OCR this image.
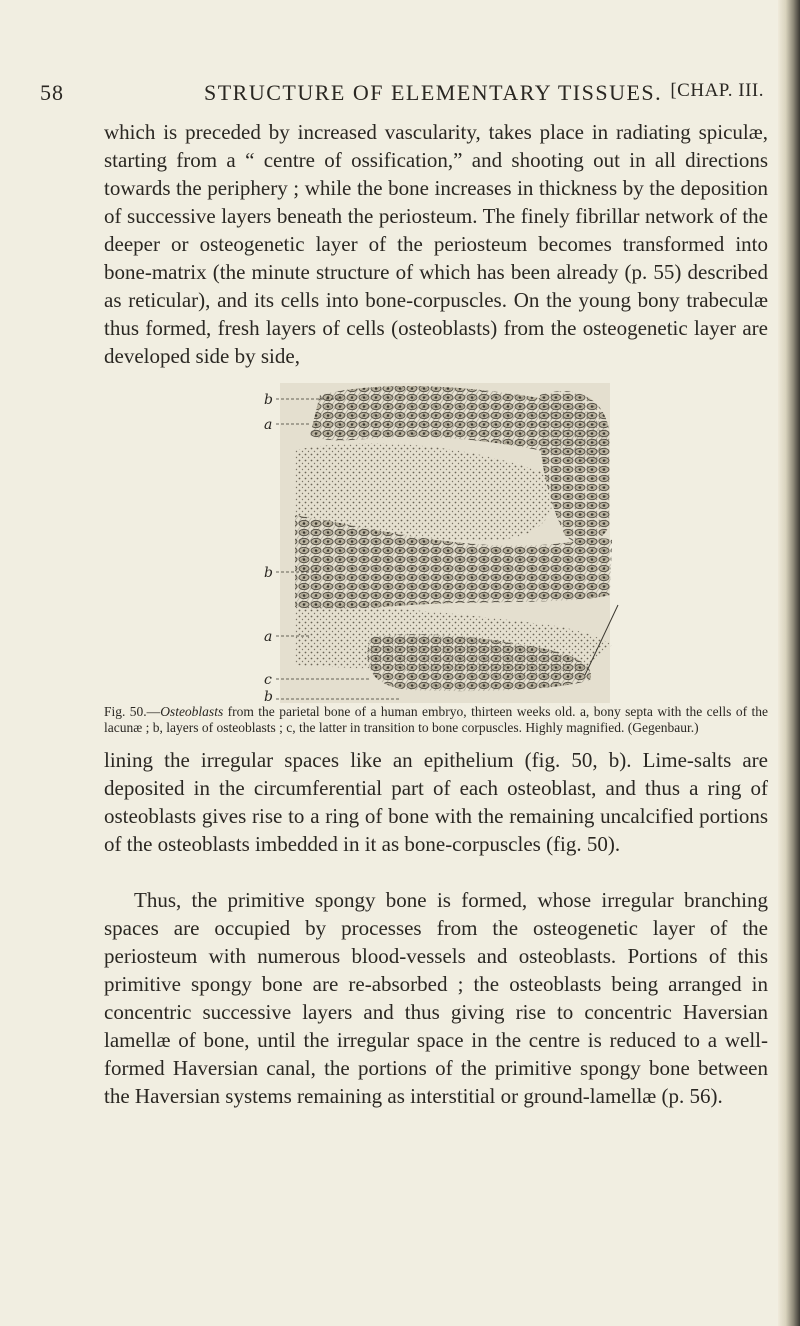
58	STRUCTURE OF ELEMENTARY TISSUES. [CHAP. III.

which is preceded by increased vascularity, takes place in radiating spiculæ, starting from a “ centre of ossification,” and shooting out in all directions towards the periphery ; while the bone increases in thickness by the deposition of successive layers beneath the periosteum. The finely fibrillar network of the deeper or osteogenetic layer of the periosteum becomes transformed into bone-matrix (the minute structure of which has been already (p. 55) described as reticular), and its cells into bone-corpuscles. On the young bony trabeculæ thus formed, fresh layers of cells (osteoblasts) from the osteogenetic layer are developed side by side,

b
a
b
a
c
b

Fig. 50.—Osteoblasts from the parietal bone of a human embryo, thirteen weeks old. a, bony septa with the cells of the lacunæ ; b, layers of osteoblasts ; c, the latter in transition to bone corpuscles. Highly magnified. (Gegenbaur.)

lining the irregular spaces like an epithelium (fig. 50, b). Lime-salts are deposited in the circumferential part of each osteoblast, and thus a ring of osteoblasts gives rise to a ring of bone with the remaining uncalcified portions of the osteoblasts imbedded in it as bone-corpuscles (fig. 50).

Thus, the primitive spongy bone is formed, whose irregular branching spaces are occupied by processes from the osteogenetic layer of the periosteum with numerous blood-vessels and osteoblasts. Portions of this primitive spongy bone are re-absorbed ; the osteoblasts being arranged in concentric successive layers and thus giving rise to concentric Haversian lamellæ of bone, until the irregular space in the centre is reduced to a well-formed Haversian canal, the portions of the primitive spongy bone between the Haversian systems remaining as interstitial or ground-lamellæ (p. 56).
